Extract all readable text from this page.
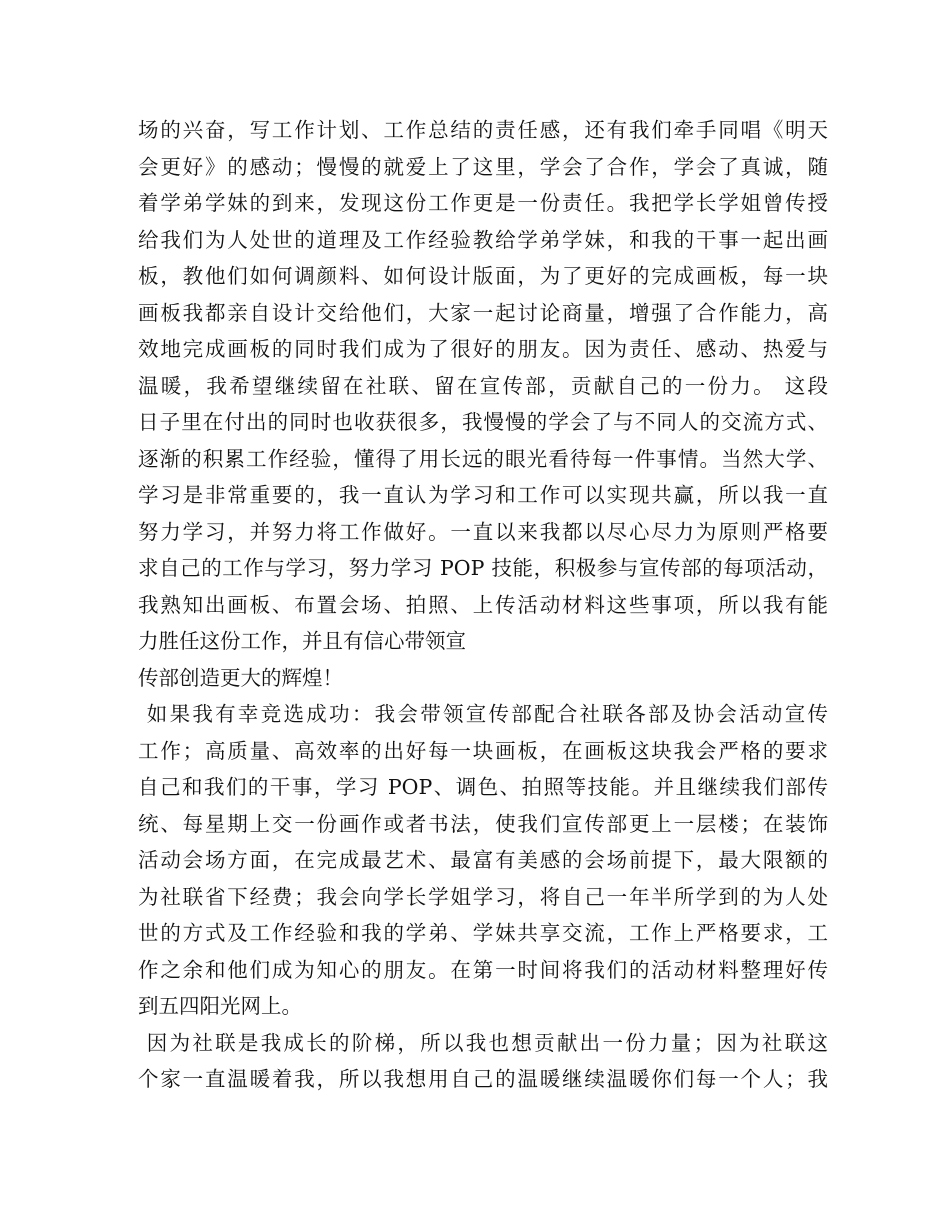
场的兴奋，写工作计划、工作总结的责任感，还有我们牵手同唱《明天
会更好》的感动；慢慢的就爱上了这里，学会了合作，学会了真诚，随
着学弟学妹的到来，发现这份工作更是一份责任。我把学长学姐曾传授
给我们为人处世的道理及工作经验教给学弟学妹，和我的干事一起出画
板，教他们如何调颜料、如何设计版面，为了更好的完成画板，每一块
画板我都亲自设计交给他们，大家一起讨论商量，增强了合作能力，高
效地完成画板的同时我们成为了很好的朋友。因为责任、感动、热爱与
温暖，我希望继续留在社联、留在宣传部，贡献自己的一份力。 这段
日子里在付出的同时也收获很多，我慢慢的学会了与不同人的交流方式、
逐渐的积累工作经验，懂得了用长远的眼光看待每一件事情。当然大学、
学习是非常重要的，我一直认为学习和工作可以实现共赢，所以我一直
努力学习，并努力将工作做好。一直以来我都以尽心尽力为原则严格要
求自己的工作与学习，努力学习 POP 技能，积极参与宣传部的每项活动，
我熟知出画板、布置会场、拍照、上传活动材料这些事项，所以我有能
力胜任这份工作，并且有信心带领宣
传部创造更大的辉煌！
如果我有幸竞选成功：我会带领宣传部配合社联各部及协会活动宣传
工作；高质量、高效率的出好每一块画板，在画板这块我会严格的要求
自己和我们的干事，学习 POP、调色、拍照等技能。并且继续我们部传
统、每星期上交一份画作或者书法，使我们宣传部更上一层楼；在装饰
活动会场方面，在完成最艺术、最富有美感的会场前提下，最大限额的
为社联省下经费；我会向学长学姐学习，将自己一年半所学到的为人处
世的方式及工作经验和我的学弟、学妹共享交流，工作上严格要求，工
作之余和他们成为知心的朋友。在第一时间将我们的活动材料整理好传
到五四阳光网上。
因为社联是我成长的阶梯，所以我也想贡献出一份力量；因为社联这
个家一直温暖着我，所以我想用自己的温暖继续温暖你们每一个人；我
